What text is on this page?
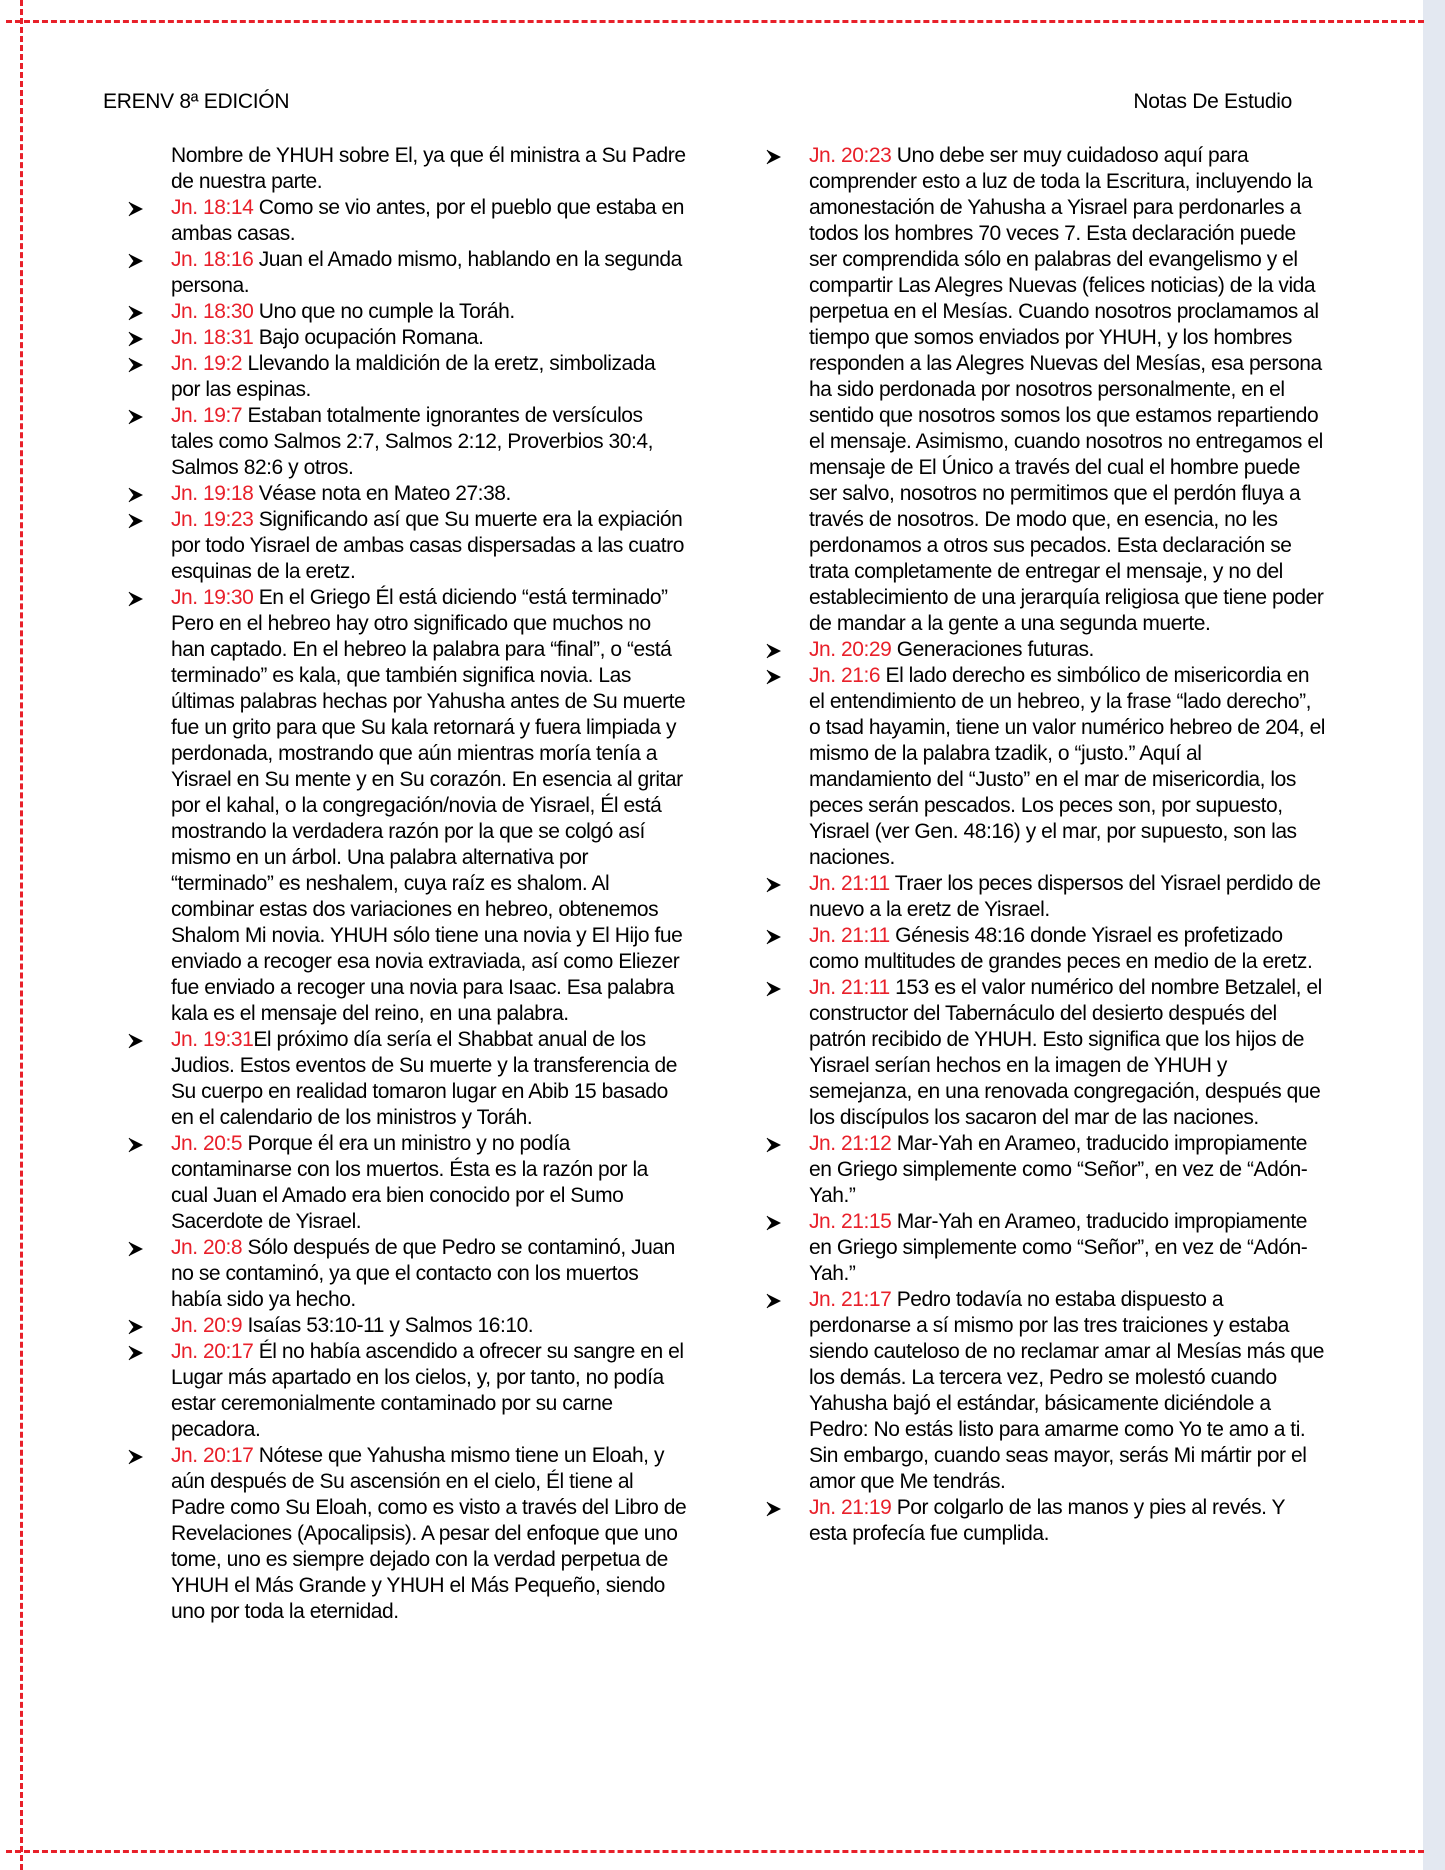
ERENV 8ª EDICIÓN	Notas De Estudio
Nombre de YHUH sobre El, ya que él ministra a Su Padre de nuestra parte.
Jn. 18:14 Como se vio antes, por el pueblo que estaba en ambas casas.
Jn. 18:16 Juan el Amado mismo, hablando en la segunda persona.
Jn. 18:30 Uno que no cumple la Toráh.
Jn. 18:31 Bajo ocupación Romana.
Jn. 19:2 Llevando la maldición de la eretz, simbolizada por las espinas.
Jn. 19:7 Estaban totalmente ignorantes de versículos tales como Salmos 2:7, Salmos 2:12, Proverbios 30:4, Salmos 82:6 y otros.
Jn. 19:18 Véase nota en Mateo 27:38.
Jn. 19:23 Significando así que Su muerte era la expiación por todo Yisrael de ambas casas dispersadas a las cuatro esquinas de la eretz.
Jn. 19:30 En el Griego Él está diciendo “está terminado” Pero en el hebreo hay otro significado que muchos no han captado. En el hebreo la palabra para “final”, o “está terminado” es kala, que también significa novia. Las últimas palabras hechas por Yahusha antes de Su muerte fue un grito para que Su kala retornará y fuera limpiada y perdonada, mostrando que aún mientras moría tenía a Yisrael en Su mente y en Su corazón. En esencia al gritar por el kahal, o la congregación/novia de Yisrael, Él está mostrando la verdadera razón por la que se colgó así mismo en un árbol. Una palabra alternativa por “terminado” es neshalem, cuya raíz es shalom. Al combinar estas dos variaciones en hebreo, obtenemos Shalom Mi novia. YHUH sólo tiene una novia y El Hijo fue enviado a recoger esa novia extraviada, así como Eliezer fue enviado a recoger una novia para Isaac. Esa palabra kala es el mensaje del reino, en una palabra.
Jn. 19:31El próximo día sería el Shabbat anual de los Judios. Estos eventos de Su muerte y la transferencia de Su cuerpo en realidad tomaron lugar en Abib 15 basado en el calendario de los ministros y Toráh.
Jn. 20:5 Porque él era un ministro y no podía contaminarse con los muertos. Ésta es la razón por la cual Juan el Amado era bien conocido por el Sumo Sacerdote de Yisrael.
Jn. 20:8 Sólo después de que Pedro se contaminó, Juan no se contaminó, ya que el contacto con los muertos había sido ya hecho.
Jn. 20:9 Isaías 53:10-11 y Salmos 16:10.
Jn. 20:17 Él no había ascendido a ofrecer su sangre en el Lugar más apartado en los cielos, y, por tanto, no podía estar ceremonialmente contaminado por su carne pecadora.
Jn. 20:17 Nótese que Yahusha mismo tiene un Eloah, y aún después de Su ascensión en el cielo, Él tiene al Padre como Su Eloah, como es visto a través del Libro de Revelaciones (Apocalipsis). A pesar del enfoque que uno tome, uno es siempre dejado con la verdad perpetua de YHUH el Más Grande y YHUH el Más Pequeño, siendo uno por toda la eternidad.
Jn. 20:23 Uno debe ser muy cuidadoso aquí para comprender esto a luz de toda la Escritura, incluyendo la amonestación de Yahusha a Yisrael para perdonarles a todos los hombres 70 veces 7. Esta declaración puede ser comprendida sólo en palabras del evangelismo y el compartir Las Alegres Nuevas (felices noticias) de la vida perpetua en el Mesías. Cuando nosotros proclamamos al tiempo que somos enviados por YHUH, y los hombres responden a las Alegres Nuevas del Mesías, esa persona ha sido perdonada por nosotros personalmente, en el sentido que nosotros somos los que estamos repartiendo el mensaje. Asimismo, cuando nosotros no entregamos el mensaje de El Único a través del cual el hombre puede ser salvo, nosotros no permitimos que el perdón fluya a través de nosotros. De modo que, en esencia, no les perdonamos a otros sus pecados. Esta declaración se trata completamente de entregar el mensaje, y no del establecimiento de una jerarquía religiosa que tiene poder de mandar a la gente a una segunda muerte.
Jn. 20:29 Generaciones futuras.
Jn. 21:6 El lado derecho es simbólico de misericordia en el entendimiento de un hebreo, y la frase “lado derecho”, o tsad hayamin, tiene un valor numérico hebreo de 204, el mismo de la palabra tzadik, o “justo.” Aquí al mandamiento del “Justo” en el mar de misericordia, los peces serán pescados. Los peces son, por supuesto, Yisrael (ver Gen. 48:16) y el mar, por supuesto, son las naciones.
Jn. 21:11 Traer los peces dispersos del Yisrael perdido de nuevo a la eretz de Yisrael.
Jn. 21:11 Génesis 48:16 donde Yisrael es profetizado como multitudes de grandes peces en medio de la eretz.
Jn. 21:11 153 es el valor numérico del nombre Betzalel, el constructor del Tabernáculo del desierto después del patrón recibido de YHUH. Esto significa que los hijos de Yisrael serían hechos en la imagen de YHUH y semejanza, en una renovada congregación, después que los discípulos los sacaron del mar de las naciones.
Jn. 21:12 Mar-Yah en Arameo, traducido impropiamente en Griego simplemente como “Señor”, en vez de “Adón-Yah.”
Jn. 21:15 Mar-Yah en Arameo, traducido impropiamente en Griego simplemente como “Señor”, en vez de “Adón-Yah.”
Jn. 21:17 Pedro todavía no estaba dispuesto a perdonarse a sí mismo por las tres traiciones y estaba siendo cauteloso de no reclamar amar al Mesías más que los demás. La tercera vez, Pedro se molestó cuando Yahusha bajó el estándar, básicamente diciéndole a Pedro: No estás listo para amarme como Yo te amo a ti. Sin embargo, cuando seas mayor, serás Mi mártir por el amor que Me tendrás.
Jn. 21:19 Por colgarlo de las manos y pies al revés. Y esta profecía fue cumplida.
